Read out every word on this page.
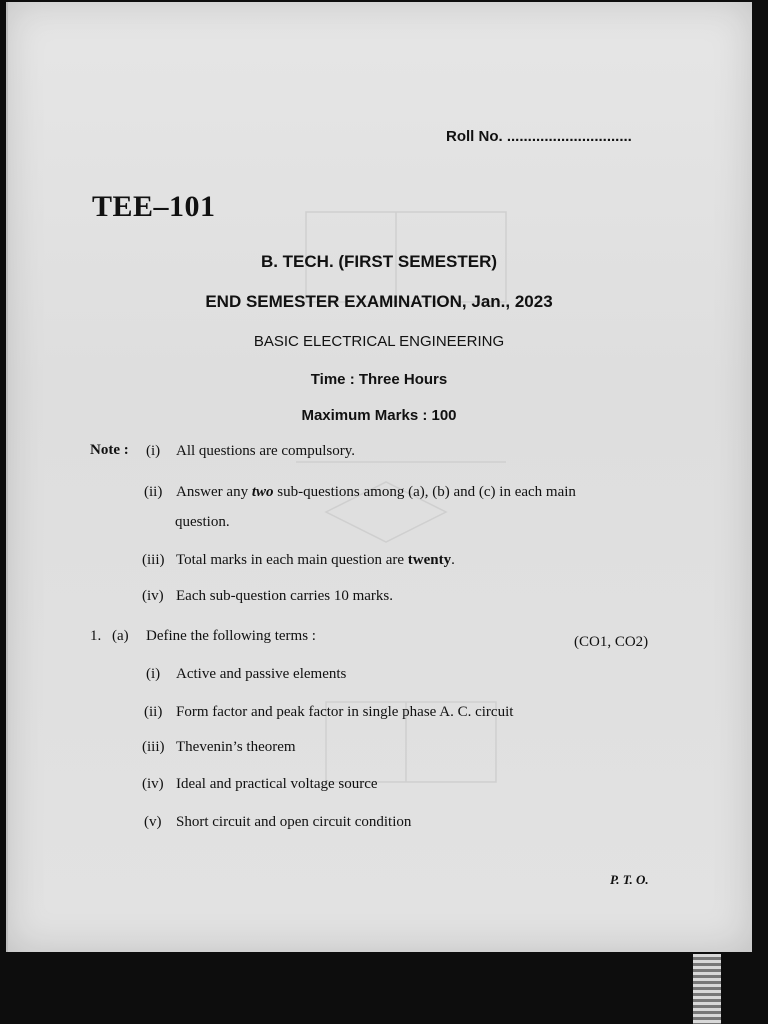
Roll No. ..............................
TEE–101
B. TECH. (FIRST SEMESTER)
END SEMESTER EXAMINATION, Jan., 2023
BASIC ELECTRICAL ENGINEERING
Time : Three Hours
Maximum Marks : 100
Note : (i) All questions are compulsory.
(ii) Answer any two sub-questions among (a), (b) and (c) in each main
question.
(iii) Total marks in each main question are twenty.
(iv) Each sub-question carries 10 marks.
1. (a) Define the following terms :	(CO1, CO2)
(i) Active and passive elements
(ii) Form factor and peak factor in single phase A. C. circuit
(iii) Thevenin’s theorem
(iv) Ideal and practical voltage source
(v) Short circuit and open circuit condition
P. T. O.
